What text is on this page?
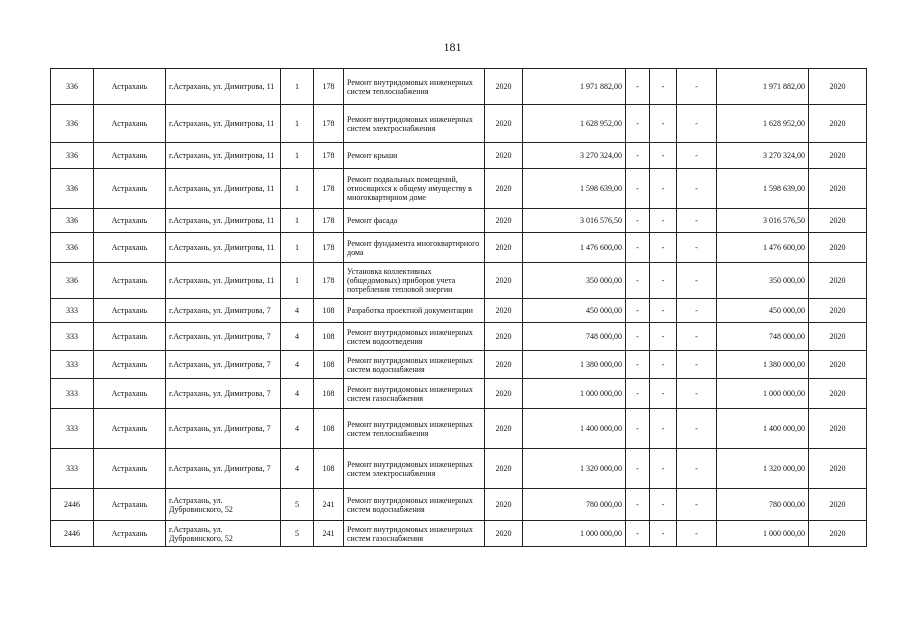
181
336	Астрахань	г.Астрахань, ул. Димитрова, 11	1	178	Ремонт внутридомовых инженерных систем теплоснабжения	2020	1 971 882,00	-	-	-	1 971 882,00	2020
336	Астрахань	г.Астрахань, ул. Димитрова, 11	1	178	Ремонт внутридомовых инженерных систем электроснабжения	2020	1 628 952,00	-	-	-	1 628 952,00	2020
336	Астрахань	г.Астрахань, ул. Димитрова, 11	1	178	Ремонт крыши	2020	3 270 324,00	-	-	-	3 270 324,00	2020
336	Астрахань	г.Астрахань, ул. Димитрова, 11	1	178	Ремонт подвальных помещений, относящихся к общему имуществу в многоквартирном доме	2020	1 598 639,00	-	-	-	1 598 639,00	2020
336	Астрахань	г.Астрахань, ул. Димитрова, 11	1	178	Ремонт фасада	2020	3 016 576,50	-	-	-	3 016 576,50	2020
336	Астрахань	г.Астрахань, ул. Димитрова, 11	1	178	Ремонт фундамента многоквартирного дома	2020	1 476 600,00	-	-	-	1 476 600,00	2020
336	Астрахань	г.Астрахань, ул. Димитрова, 11	1	178	Установка коллективных (общедомовых) приборов учета потребления тепловой энергии	2020	350 000,00	-	-	-	350 000,00	2020
333	Астрахань	г.Астрахань, ул. Димитрова, 7	4	108	Разработка проектной документации	2020	450 000,00	-	-	-	450 000,00	2020
333	Астрахань	г.Астрахань, ул. Димитрова, 7	4	108	Ремонт внутридомовых инженерных систем водоотведения	2020	748 000,00	-	-	-	748 000,00	2020
333	Астрахань	г.Астрахань, ул. Димитрова, 7	4	108	Ремонт внутридомовых инженерных систем водоснабжения	2020	1 380 000,00	-	-	-	1 380 000,00	2020
333	Астрахань	г.Астрахань, ул. Димитрова, 7	4	108	Ремонт внутридомовых инженерных систем газоснабжения	2020	1 000 000,00	-	-	-	1 000 000,00	2020
333	Астрахань	г.Астрахань, ул. Димитрова, 7	4	108	Ремонт внутридомовых инженерных систем теплоснабжения	2020	1 400 000,00	-	-	-	1 400 000,00	2020
333	Астрахань	г.Астрахань, ул. Димитрова, 7	4	108	Ремонт внутридомовых инженерных систем электроснабжения	2020	1 320 000,00	-	-	-	1 320 000,00	2020
2446	Астрахань	г.Астрахань, ул. Дубровинского, 52	5	241	Ремонт внутридомовых инженерных систем водоснабжения	2020	780 000,00	-	-	-	780 000,00	2020
2446	Астрахань	г.Астрахань, ул. Дубровинского, 52	5	241	Ремонт внутридомовых инженерных систем газоснабжения	2020	1 000 000,00	-	-	-	1 000 000,00	2020
